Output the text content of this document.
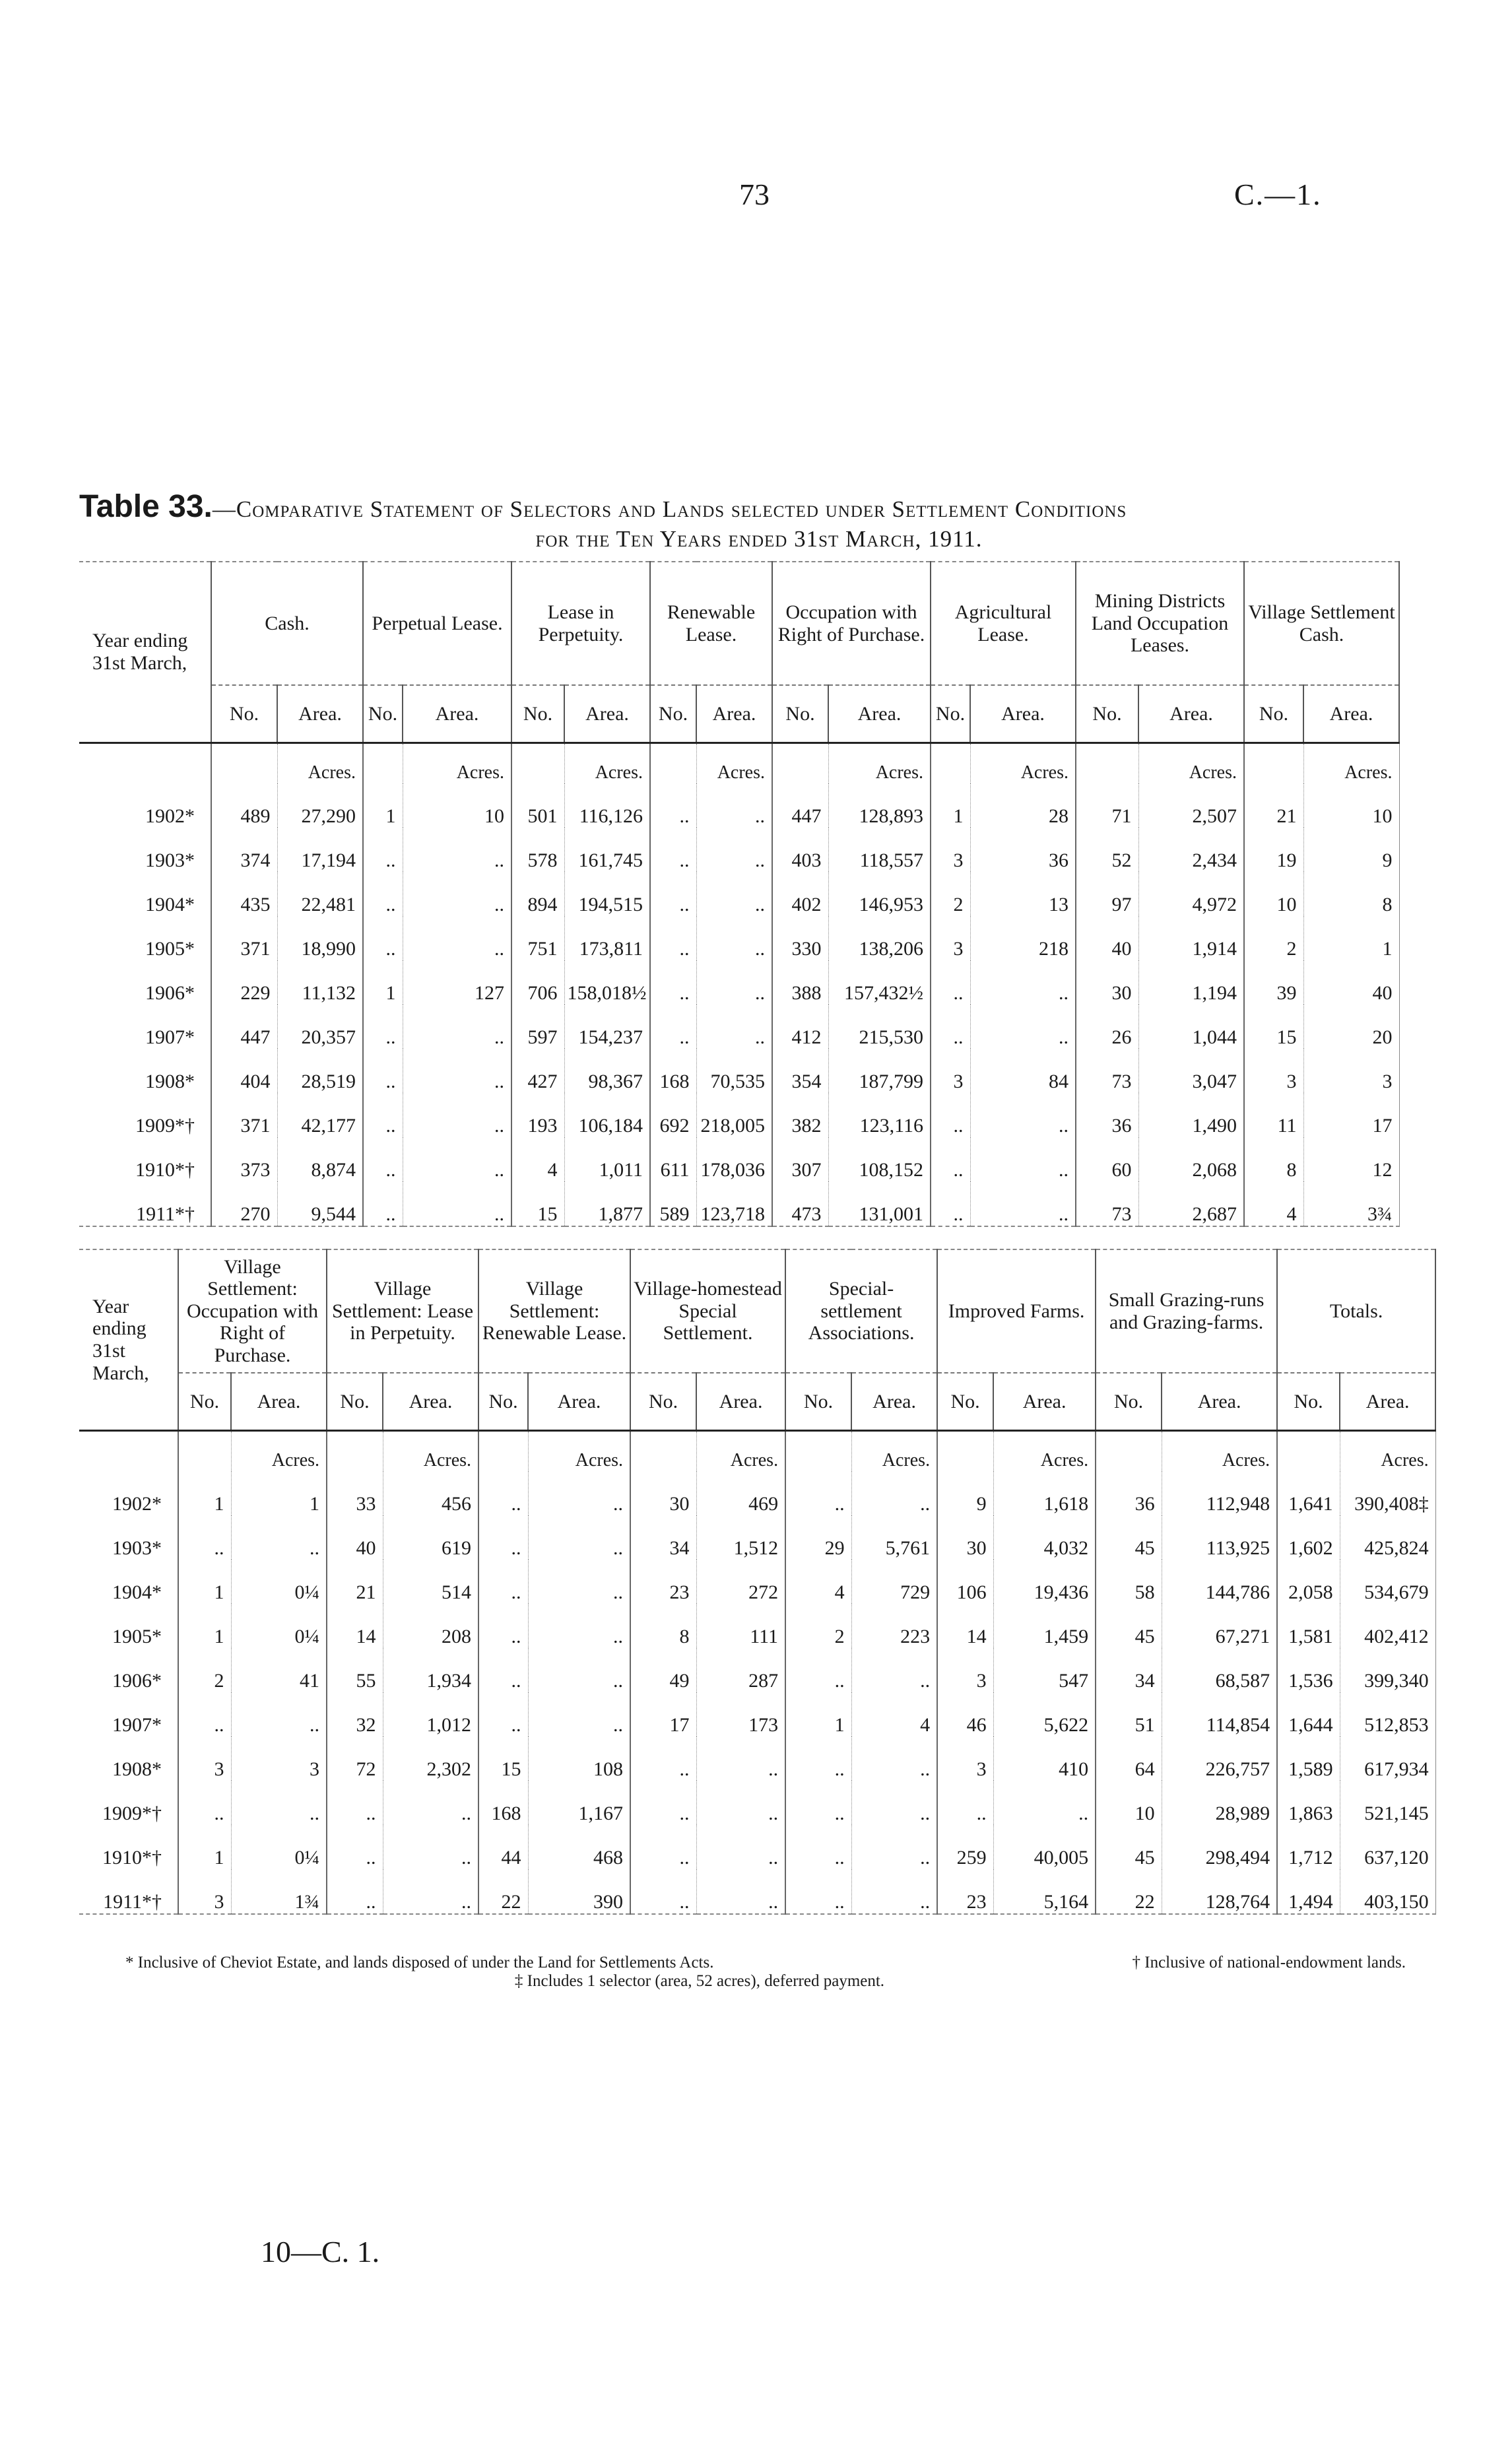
73	C.—1.
Table 33.—Comparative Statement of Selectors and Lands selected under Settlement Conditions
for the Ten Years ended 31st March, 1911.
Year ending 31st March,	Cash.		Perpetual Lease.		Lease in Perpetuity.		Renewable Lease.		Occupation with Right of Purchase.		Agricultural Lease.		Mining Districts Land Occupation Leases.		Village Settlement Cash.	
	No.	Area.	No.	Area.	No.	Area.	No.	Area.	No.	Area.	No.	Area.	No.	Area.	No.	Area.
		Acres.		Acres.		Acres.		Acres.		Acres.		Acres.		Acres.		Acres.
1902*	489	27,290	1	10	501	116,126	..	..	447	128,893	1	28	71	2,507	21	10
1903*	374	17,194	..	..	578	161,745	..	..	403	118,557	3	36	52	2,434	19	9
1904*	435	22,481	..	..	894	194,515	..	..	402	146,953	2	13	97	4,972	10	8
1905*	371	18,990	..	..	751	173,811	..	..	330	138,206	3	218	40	1,914	2	1
1906*	229	11,132	1	127	706	158,018½	..	..	388	157,432½	..	..	30	1,194	39	40
1907*	447	20,357	..	..	597	154,237	..	..	412	215,530	..	..	26	1,044	15	20
1908*	404	28,519	..	..	427	98,367	168	70,535	354	187,799	3	84	73	3,047	3	3
1909*†	371	42,177	..	..	193	106,184	692	218,005	382	123,116	..	..	36	1,490	11	17
1910*†	373	8,874	..	..	4	1,011	611	178,036	307	108,152	..	..	60	2,068	8	12
1911*†	270	9,544	..	..	15	1,877	589	123,718	473	131,001	..	..	73	2,687	4	3¾
Year ending 31st March,	Village Settlement: Occupation with Right of Purchase.		Village Settlement: Lease in Perpetuity.		Village Settlement: Renewable Lease.		Village-homestead Special Settlement.		Special-settlement Associations.		Improved Farms.		Small Grazing-runs and Grazing-farms.		Totals.	
	No.	Area.	No.	Area.	No.	Area.	No.	Area.	No.	Area.	No.	Area.	No.	Area.	No.	Area.
		Acres.		Acres.		Acres.		Acres.		Acres.		Acres.		Acres.		Acres.
1902*	1	1	33	456	..	..	30	469	..	..	9	1,618	36	112,948	1,641	390,408‡
1903*	..	..	40	619	..	..	34	1,512	29	5,761	30	4,032	45	113,925	1,602	425,824
1904*	1	0¼	21	514	..	..	23	272	4	729	106	19,436	58	144,786	2,058	534,679
1905*	1	0¼	14	208	..	..	8	111	2	223	14	1,459	45	67,271	1,581	402,412
1906*	2	41	55	1,934	..	..	49	287	..	..	3	547	34	68,587	1,536	399,340
1907*	..	..	32	1,012	..	..	17	173	1	4	46	5,622	51	114,854	1,644	512,853
1908*	3	3	72	2,302	15	108	..	..	..	..	3	410	64	226,757	1,589	617,934
1909*†	..	..	..	..	168	1,167	..	..	..	..	..	..	10	28,989	1,863	521,145
1910*†	1	0¼	..	..	44	468	..	..	..	..	259	40,005	45	298,494	1,712	637,120
1911*†	3	1¾	..	..	22	390	..	..	..	..	23	5,164	22	128,764	1,494	403,150
* Inclusive of Cheviot Estate, and lands disposed of under the Land for Settlements Acts.	† Inclusive of national-endowment lands.
‡ Includes 1 selector (area, 52 acres), deferred payment.
10—C. 1.
